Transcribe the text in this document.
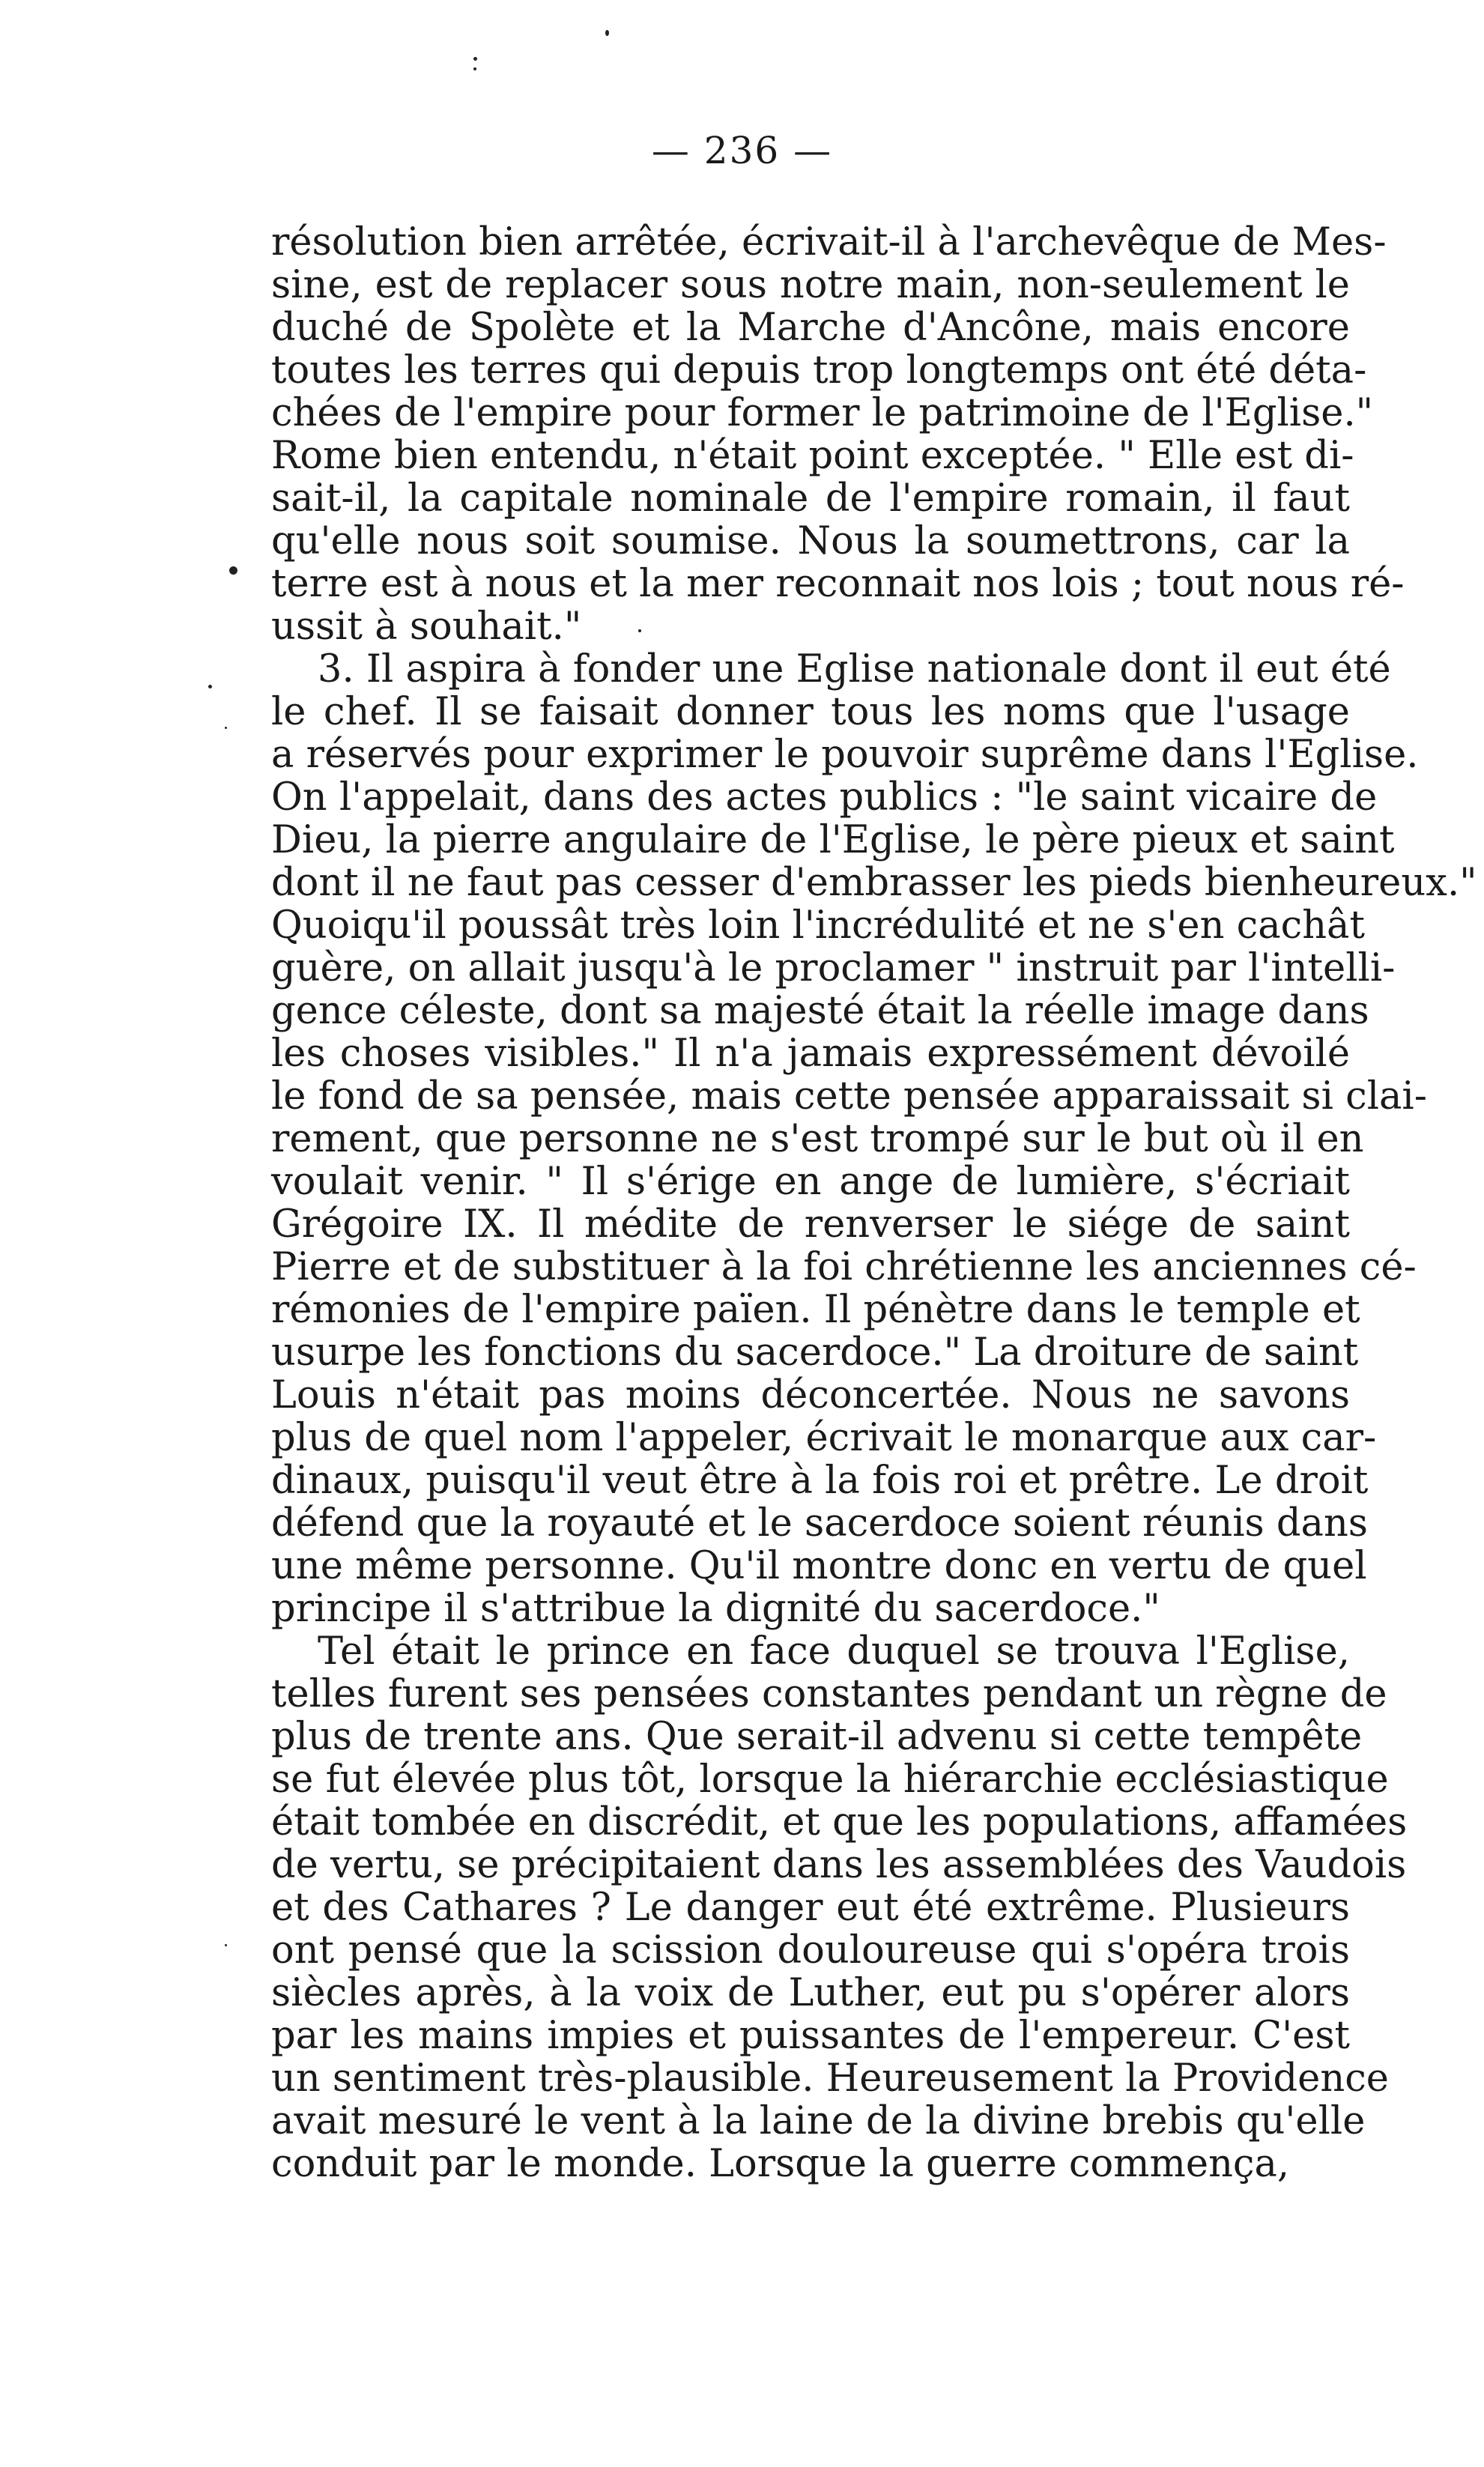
— 236 —
résolution bien arrêtée, écrivait-il à l'archevêque de Mes-
sine, est de replacer sous notre main, non-seulement le
duché de Spolète et la Marche d'Ancône, mais encore
toutes les terres qui depuis trop longtemps ont été déta-
chées de l'empire pour former le patrimoine de l'Eglise."
Rome bien entendu, n'était point exceptée. " Elle est di-
sait-il, la capitale nominale de l'empire romain, il faut
qu'elle nous soit soumise. Nous la soumettrons, car la
terre est à nous et la mer reconnait nos lois ; tout nous ré-
ussit à souhait."
3. Il aspira à fonder une Eglise nationale dont il eut été
le chef. Il se faisait donner tous les noms que l'usage
a réservés pour exprimer le pouvoir suprême dans l'Eglise.
On l'appelait, dans des actes publics : "le saint vicaire de
Dieu, la pierre angulaire de l'Eglise, le père pieux et saint
dont il ne faut pas cesser d'embrasser les pieds bienheureux."
Quoiqu'il poussât très loin l'incrédulité et ne s'en cachât
guère, on allait jusqu'à le proclamer " instruit par l'intelli-
gence céleste, dont sa majesté était la réelle image dans
les choses visibles." Il n'a jamais expressément dévoilé
le fond de sa pensée, mais cette pensée apparaissait si clai-
rement, que personne ne s'est trompé sur le but où il en
voulait venir. " Il s'érige en ange de lumière, s'écriait
Grégoire IX. Il médite de renverser le siége de saint
Pierre et de substituer à la foi chrétienne les anciennes cé-
rémonies de l'empire païen. Il pénètre dans le temple et
usurpe les fonctions du sacerdoce." La droiture de saint
Louis n'était pas moins déconcertée. Nous ne savons
plus de quel nom l'appeler, écrivait le monarque aux car-
dinaux, puisqu'il veut être à la fois roi et prêtre. Le droit
défend que la royauté et le sacerdoce soient réunis dans
une même personne. Qu'il montre donc en vertu de quel
principe il s'attribue la dignité du sacerdoce."
Tel était le prince en face duquel se trouva l'Eglise,
telles furent ses pensées constantes pendant un règne de
plus de trente ans. Que serait-il advenu si cette tempête
se fut élevée plus tôt, lorsque la hiérarchie ecclésiastique
était tombée en discrédit, et que les populations, affamées
de vertu, se précipitaient dans les assemblées des Vaudois
et des Cathares ? Le danger eut été extrême. Plusieurs
ont pensé que la scission douloureuse qui s'opéra trois
siècles après, à la voix de Luther, eut pu s'opérer alors
par les mains impies et puissantes de l'empereur. C'est
un sentiment très-plausible. Heureusement la Providence
avait mesuré le vent à la laine de la divine brebis qu'elle
conduit par le monde. Lorsque la guerre commença,
